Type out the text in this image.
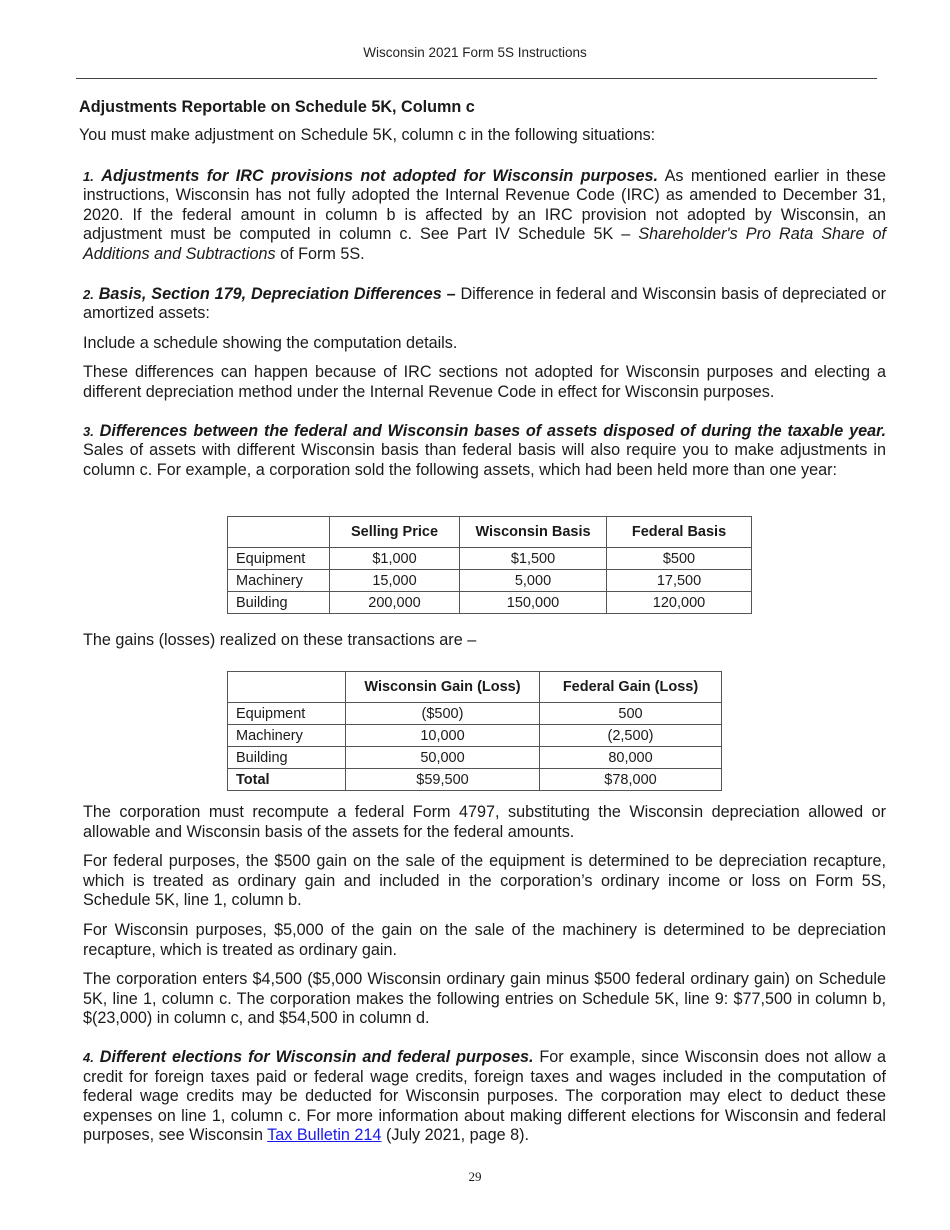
Wisconsin 2021 Form 5S Instructions
Adjustments Reportable on Schedule 5K, Column c

You must make adjustment on Schedule 5K, column c in the following situations:

1. Adjustments for IRC provisions not adopted for Wisconsin purposes. As mentioned earlier in these instructions, Wisconsin has not fully adopted the Internal Revenue Code (IRC) as amended to December 31, 2020. If the federal amount in column b is affected by an IRC provision not adopted by Wisconsin, an adjustment must be computed in column c. See Part IV Schedule 5K – Shareholder's Pro Rata Share of Additions and Subtractions of Form 5S.

2. Basis, Section 179, Depreciation Differences – Difference in federal and Wisconsin basis of depreciated or amortized assets:

Include a schedule showing the computation details.

These differences can happen because of IRC sections not adopted for Wisconsin purposes and electing a different depreciation method under the Internal Revenue Code in effect for Wisconsin purposes.

3. Differences between the federal and Wisconsin bases of assets disposed of during the taxable year. Sales of assets with different Wisconsin basis than federal basis will also require you to make adjustments in column c. For example, a corporation sold the following assets, which had been held more than one year:

	Selling Price	Wisconsin Basis	Federal Basis
Equipment	$1,000	$1,500	$500
Machinery	15,000	5,000	17,500
Building	200,000	150,000	120,000

The gains (losses) realized on these transactions are –

	Wisconsin Gain (Loss)	Federal Gain (Loss)
Equipment	($500)	500
Machinery	10,000	(2,500)
Building	50,000	80,000
Total	$59,500	$78,000

The corporation must recompute a federal Form 4797, substituting the Wisconsin depreciation allowed or allowable and Wisconsin basis of the assets for the federal amounts.

For federal purposes, the $500 gain on the sale of the equipment is determined to be depreciation recapture, which is treated as ordinary gain and included in the corporation’s ordinary income or loss on Form 5S, Schedule 5K, line 1, column b.

For Wisconsin purposes, $5,000 of the gain on the sale of the machinery is determined to be depreciation recapture, which is treated as ordinary gain.

The corporation enters $4,500 ($5,000 Wisconsin ordinary gain minus $500 federal ordinary gain) on Schedule 5K, line 1, column c. The corporation makes the following entries on Schedule 5K, line 9: $77,500 in column b, $(23,000) in column c, and $54,500 in column d.

4. Different elections for Wisconsin and federal purposes. For example, since Wisconsin does not allow a credit for foreign taxes paid or federal wage credits, foreign taxes and wages included in the computation of federal wage credits may be deducted for Wisconsin purposes. The corporation may elect to deduct these expenses on line 1, column c. For more information about making different elections for Wisconsin and federal purposes, see Wisconsin Tax Bulletin 214 (July 2021, page 8).

29
